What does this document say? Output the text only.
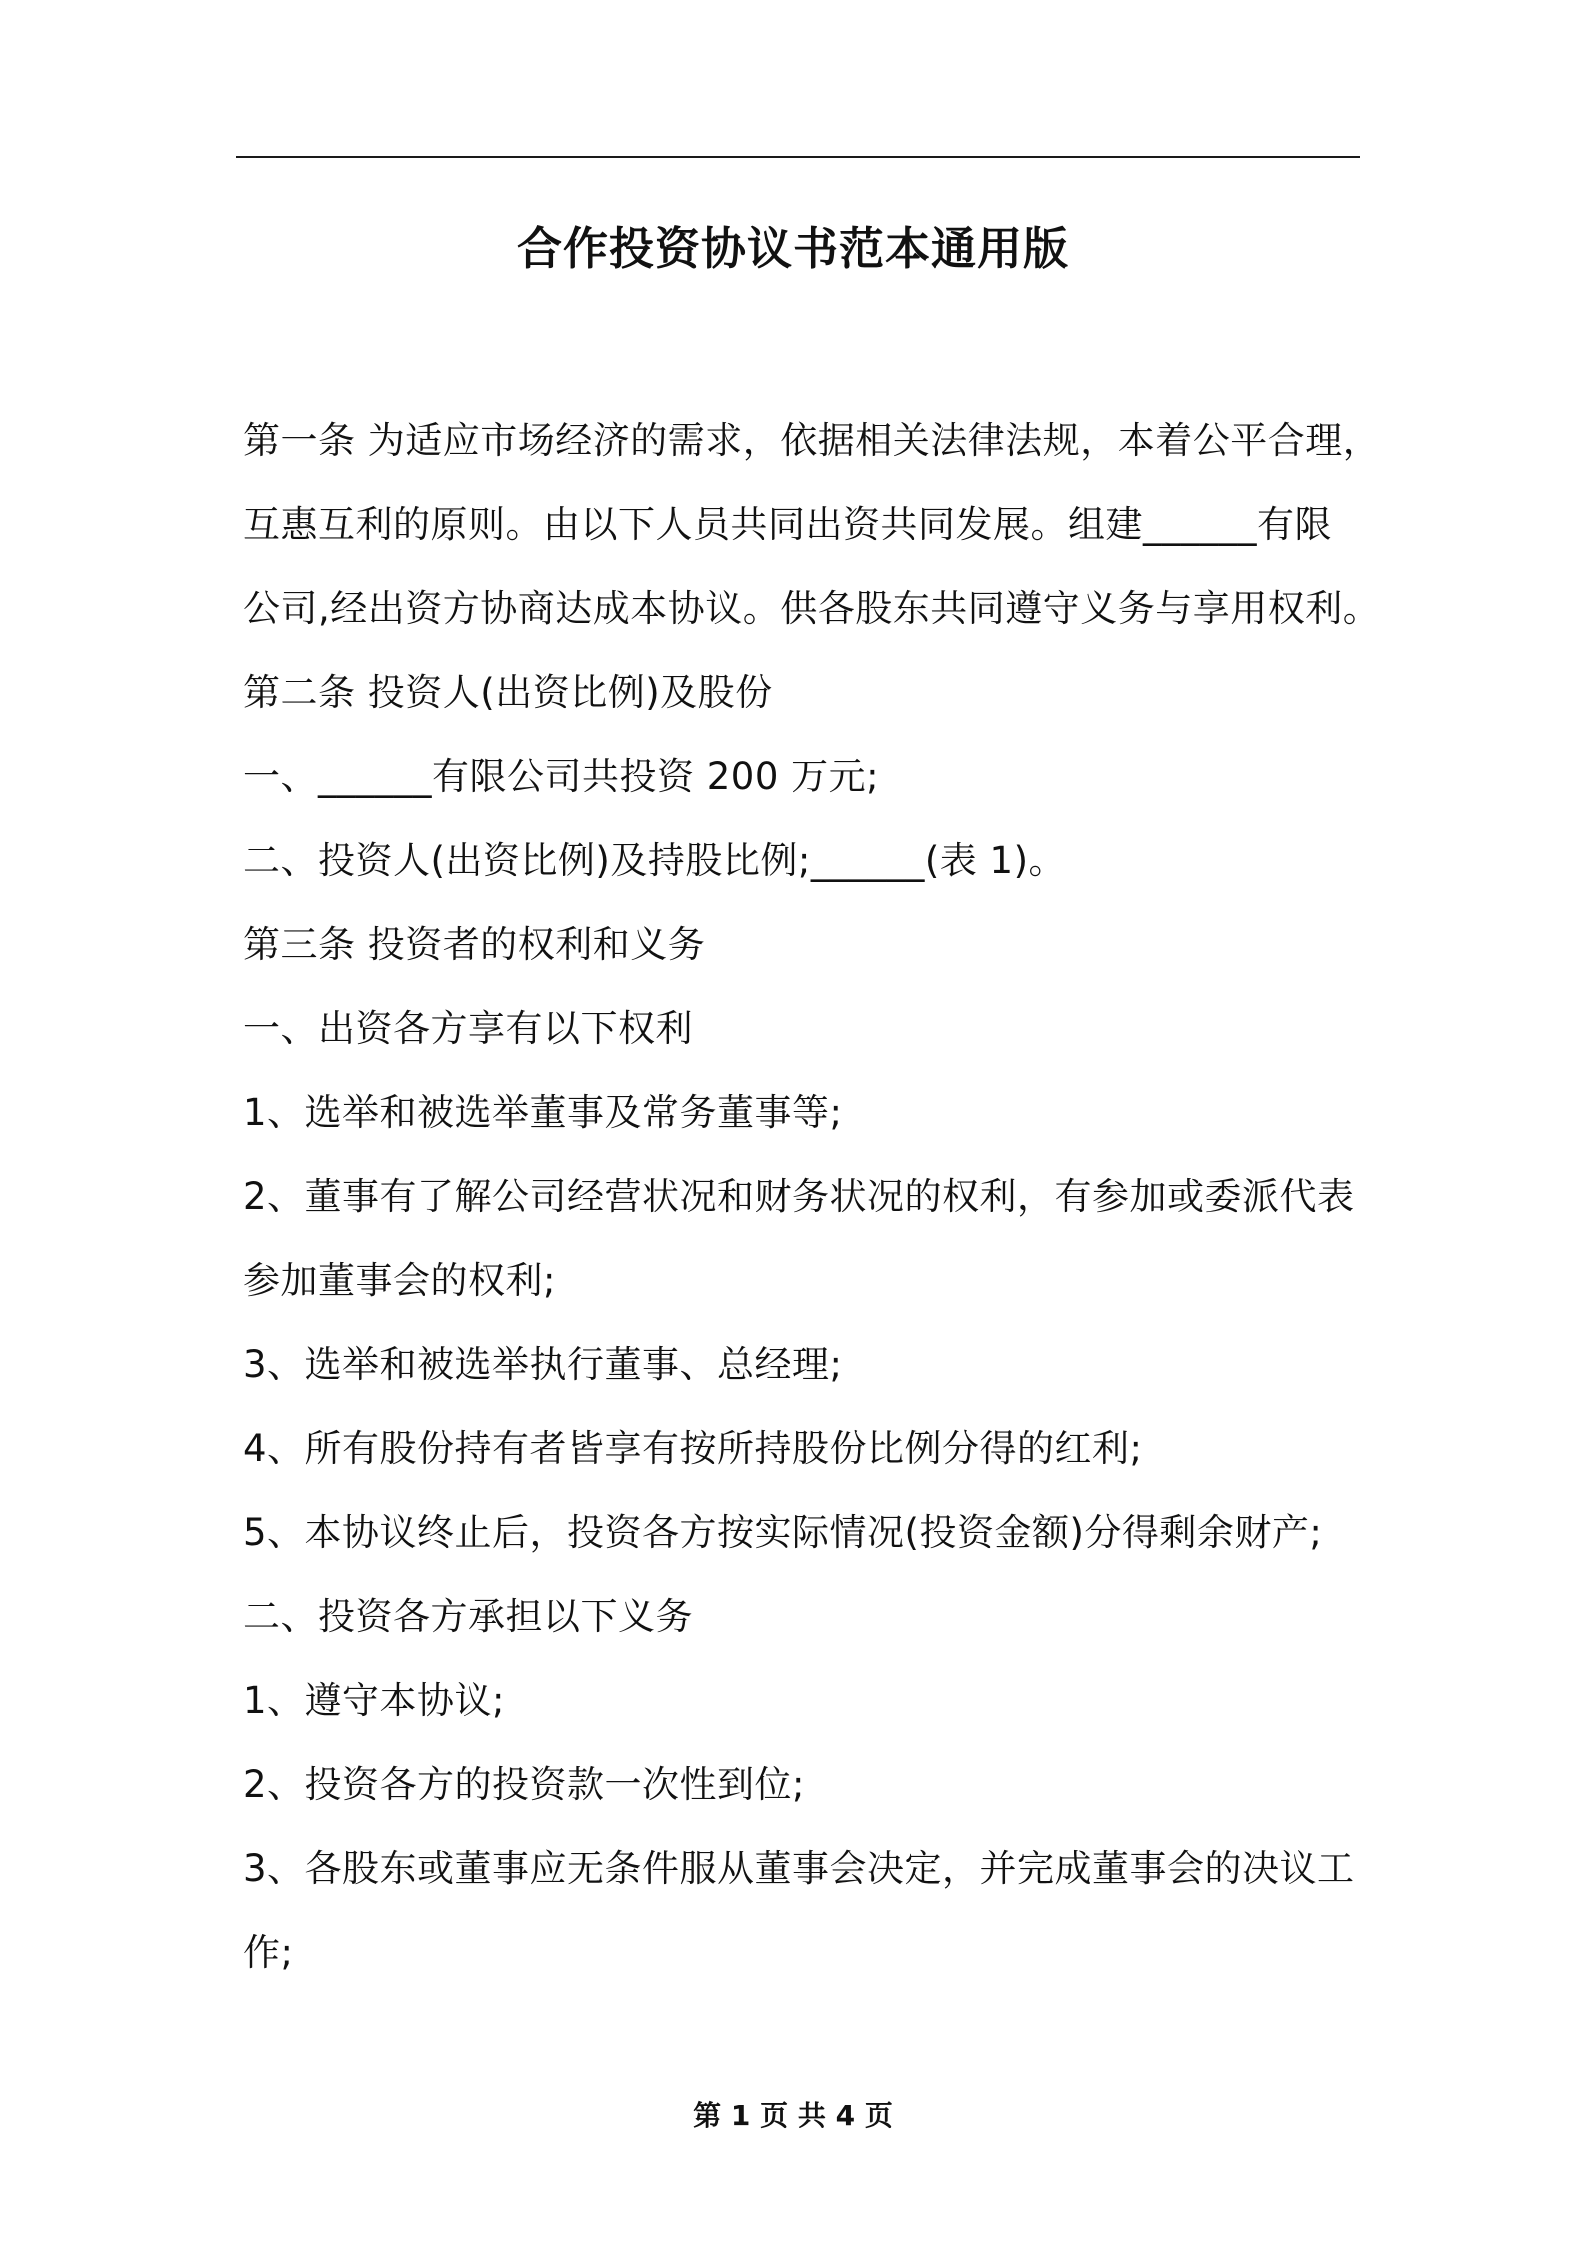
合作投资协议书范本通用版
第一条 为适应市场经济的需求，依据相关法律法规，本着公平合理，
互惠互利的原则。由以下人员共同出资共同发展。组建______有限
公司,经出资方协商达成本协议。供各股东共同遵守义务与享用权利。
第二条 投资人(出资比例)及股份
一、______有限公司共投资 200 万元;
二、投资人(出资比例)及持股比例;______(表 1)。
第三条 投资者的权利和义务
一、出资各方享有以下权利
1、选举和被选举董事及常务董事等;
2、董事有了解公司经营状况和财务状况的权利，有参加或委派代表
参加董事会的权利;
3、选举和被选举执行董事、总经理;
4、所有股份持有者皆享有按所持股份比例分得的红利;
5、本协议终止后，投资各方按实际情况(投资金额)分得剩余财产;
二、投资各方承担以下义务
1、遵守本协议;
2、投资各方的投资款一次性到位;
3、各股东或董事应无条件服从董事会决定，并完成董事会的决议工
作;
第 1 页 共 4 页
